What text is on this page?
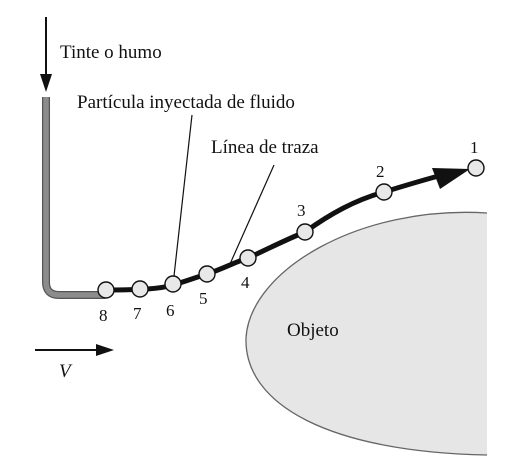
1
2
3
4
5
6
7
8
Tinte o humo
Partícula inyectada de fluido
Línea de traza
Objeto
V
